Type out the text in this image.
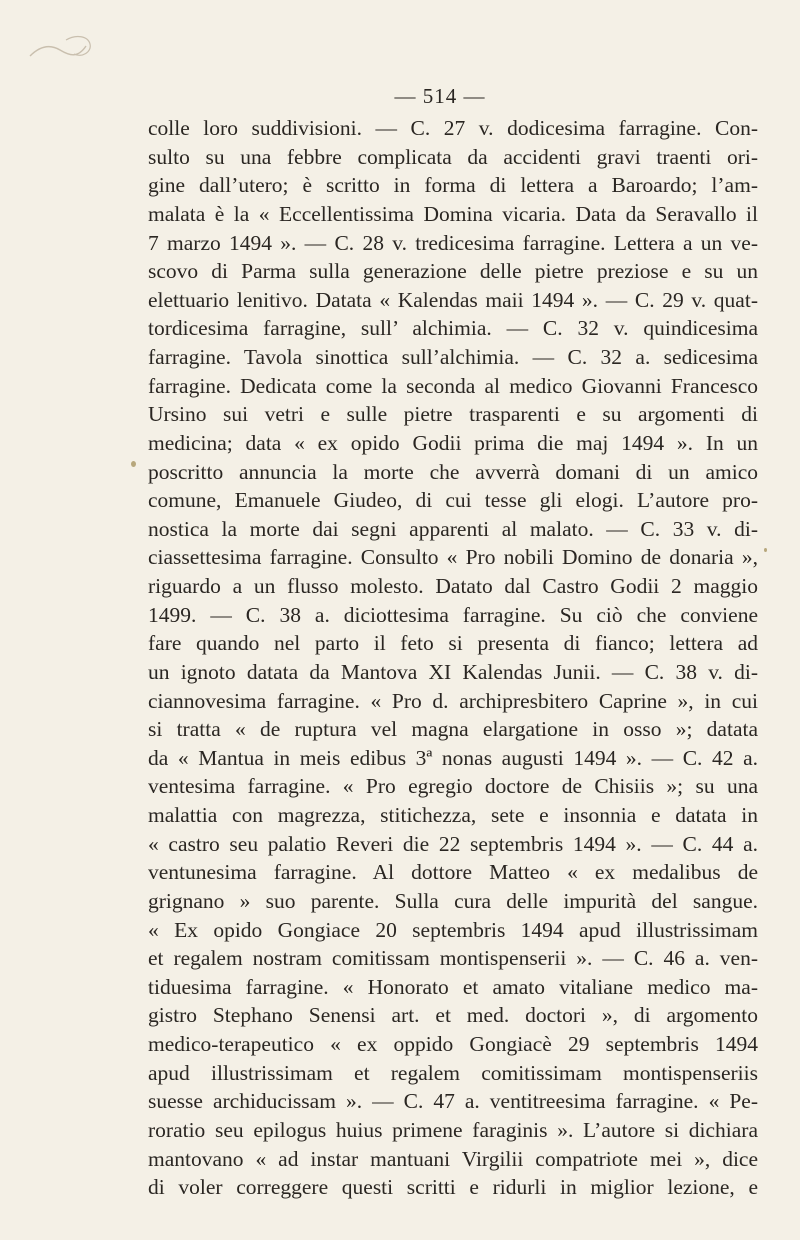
— 514 —
colle loro suddivisioni. — C. 27 v. dodicesima farragine. Con-
sulto su una febbre complicata da accidenti gravi traenti ori-
gine dall’utero; è scritto in forma di lettera a Baroardo; l’am-
malata è la « Eccellentissima Domina vicaria. Data da Seravallo il
7 marzo 1494 ». — C. 28 v. tredicesima farragine. Lettera a un ve-
scovo di Parma sulla generazione delle pietre preziose e su un
elettuario lenitivo. Datata « Kalendas maii 1494 ». — C. 29 v. quat-
tordicesima farragine, sull’ alchimia. — C. 32 v. quindicesima
farragine. Tavola sinottica sull’alchimia. — C. 32 a. sedicesima
farragine. Dedicata come la seconda al medico Giovanni Francesco
Ursino sui vetri e sulle pietre trasparenti e su argomenti di
medicina; data « ex opido Godii prima die maj 1494 ». In un
poscritto annuncia la morte che avverrà domani di un amico
comune, Emanuele Giudeo, di cui tesse gli elogi. L’autore pro-
nostica la morte dai segni apparenti al malato. — C. 33 v. di-
ciassettesima farragine. Consulto « Pro nobili Domino de donaria »,
riguardo a un flusso molesto. Datato dal Castro Godii 2 maggio
1499. — C. 38 a. diciottesima farragine. Su ciò che conviene
fare quando nel parto il feto si presenta di fianco; lettera ad
un ignoto datata da Mantova XI Kalendas Junii. — C. 38 v. di-
ciannovesima farragine. « Pro d. archipresbitero Caprine », in cui
si tratta « de ruptura vel magna elargatione in osso »; datata
da « Mantua in meis edibus 3ª nonas augusti 1494 ». — C. 42 a.
ventesima farragine. « Pro egregio doctore de Chisiis »; su una
malattia con magrezza, stitichezza, sete e insonnia e datata in
« castro seu palatio Reveri die 22 septembris 1494 ». — C. 44 a.
ventunesima farragine. Al dottore Matteo « ex medalibus de
grignano » suo parente. Sulla cura delle impurità del sangue.
« Ex opido Gongiace 20 septembris 1494 apud illustrissimam
et regalem nostram comitissam montispenserii ». — C. 46 a. ven-
tiduesima farragine. « Honorato et amato vitaliane medico ma-
gistro Stephano Senensi art. et med. doctori », di argomento
medico-terapeutico « ex oppido Gongiacè 29 septembris 1494
apud illustrissimam et regalem comitissimam montispenseriis
suesse archiducissam ». — C. 47 a. ventitreesima farragine. « Pe-
roratio seu epilogus huius primene faraginis ». L’autore si dichiara
mantovano « ad instar mantuani Virgilii compatriote mei », dice
di voler correggere questi scritti e ridurli in miglior lezione, e
